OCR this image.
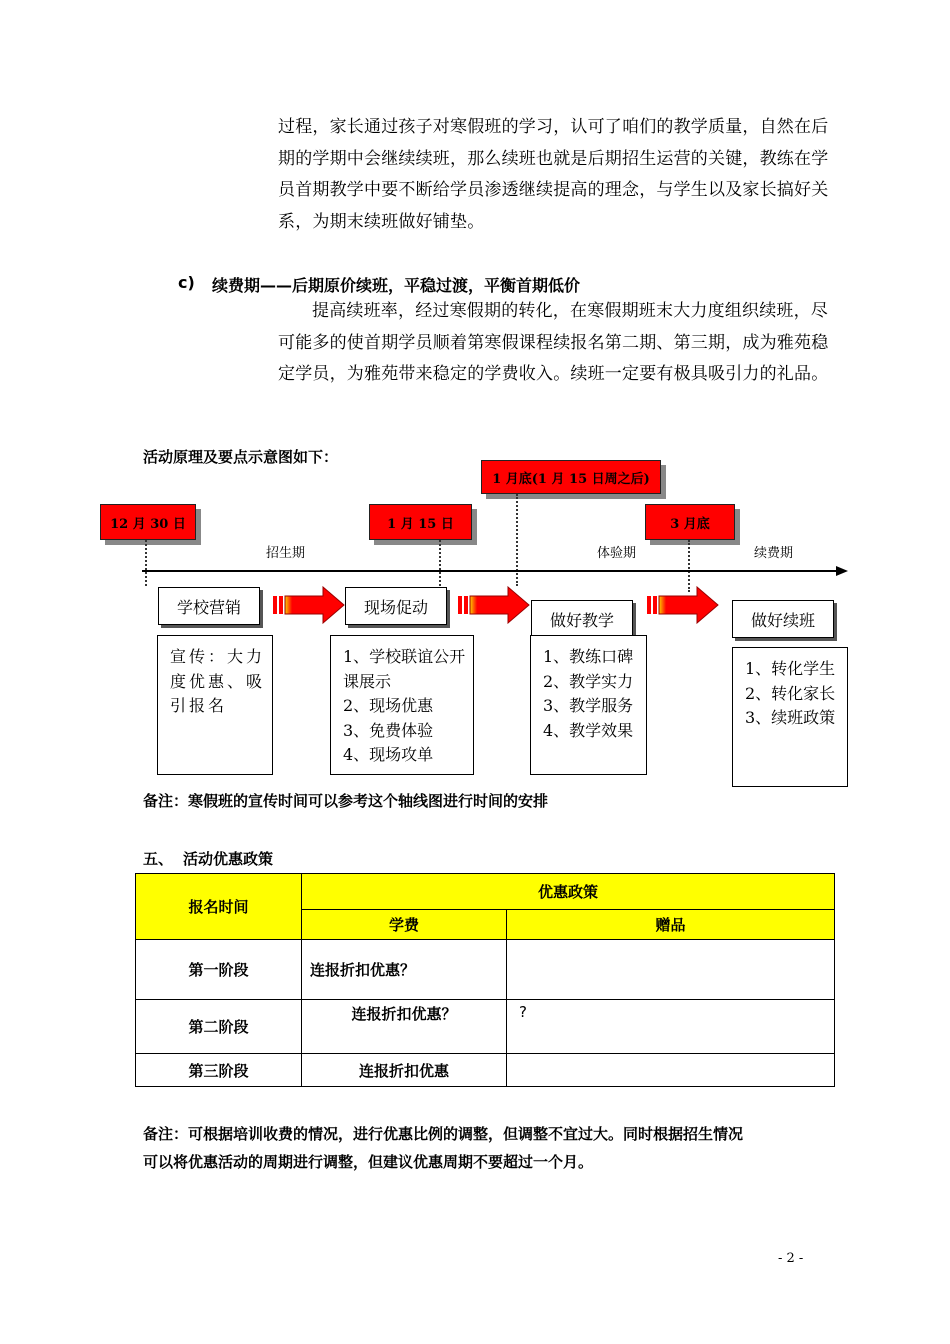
过程，家长通过孩子对寒假班的学习，认可了咱们的教学质量，自然在后
期的学期中会继续续班，那么续班也就是后期招生运营的关键，教练在学
员首期教学中要不断给学员渗透继续提高的理念，与学生以及家长搞好关
系，为期末续班做好铺垫。
c) 续费期——后期原价续班，平稳过渡，平衡首期低价
提高续班率，经过寒假期的转化，在寒假期班末大力度组织续班，尽
可能多的使首期学员顺着第寒假课程续报名第二期、第三期，成为雅苑稳
定学员，为雅苑带来稳定的学费收入。续班一定要有极具吸引力的礼品。
活动原理及要点示意图如下：
12 月 30 日	1 月 15 日
1 月底(1 月 15 日周之后)
3 月底
招生期	体验期	续费期
学校营销	现场促动
做好教学	做好续班
宣传：大力
度优惠、吸
引报名
1、学校联谊公开
课展示
2、现场优惠
3、免费体验
4、现场攻单
1、教练口碑
2、教学实力
3、教学服务
4、教学效果
1、转化学生
2、转化家长
3、续班政策
备注：寒假班的宣传时间可以参考这个轴线图进行时间的安排
五、 活动优惠政策
报名时间	优惠政策	
	学费	赠品
第一阶段	连报折扣优惠？	
第二阶段	连报折扣优惠？	?
第三阶段	连报折扣优惠	
备注：可根据培训收费的情况，进行优惠比例的调整，但调整不宜过大。同时根据招生情况
可以将优惠活动的周期进行调整，但建议优惠周期不要超过一个月。
- 2 -
